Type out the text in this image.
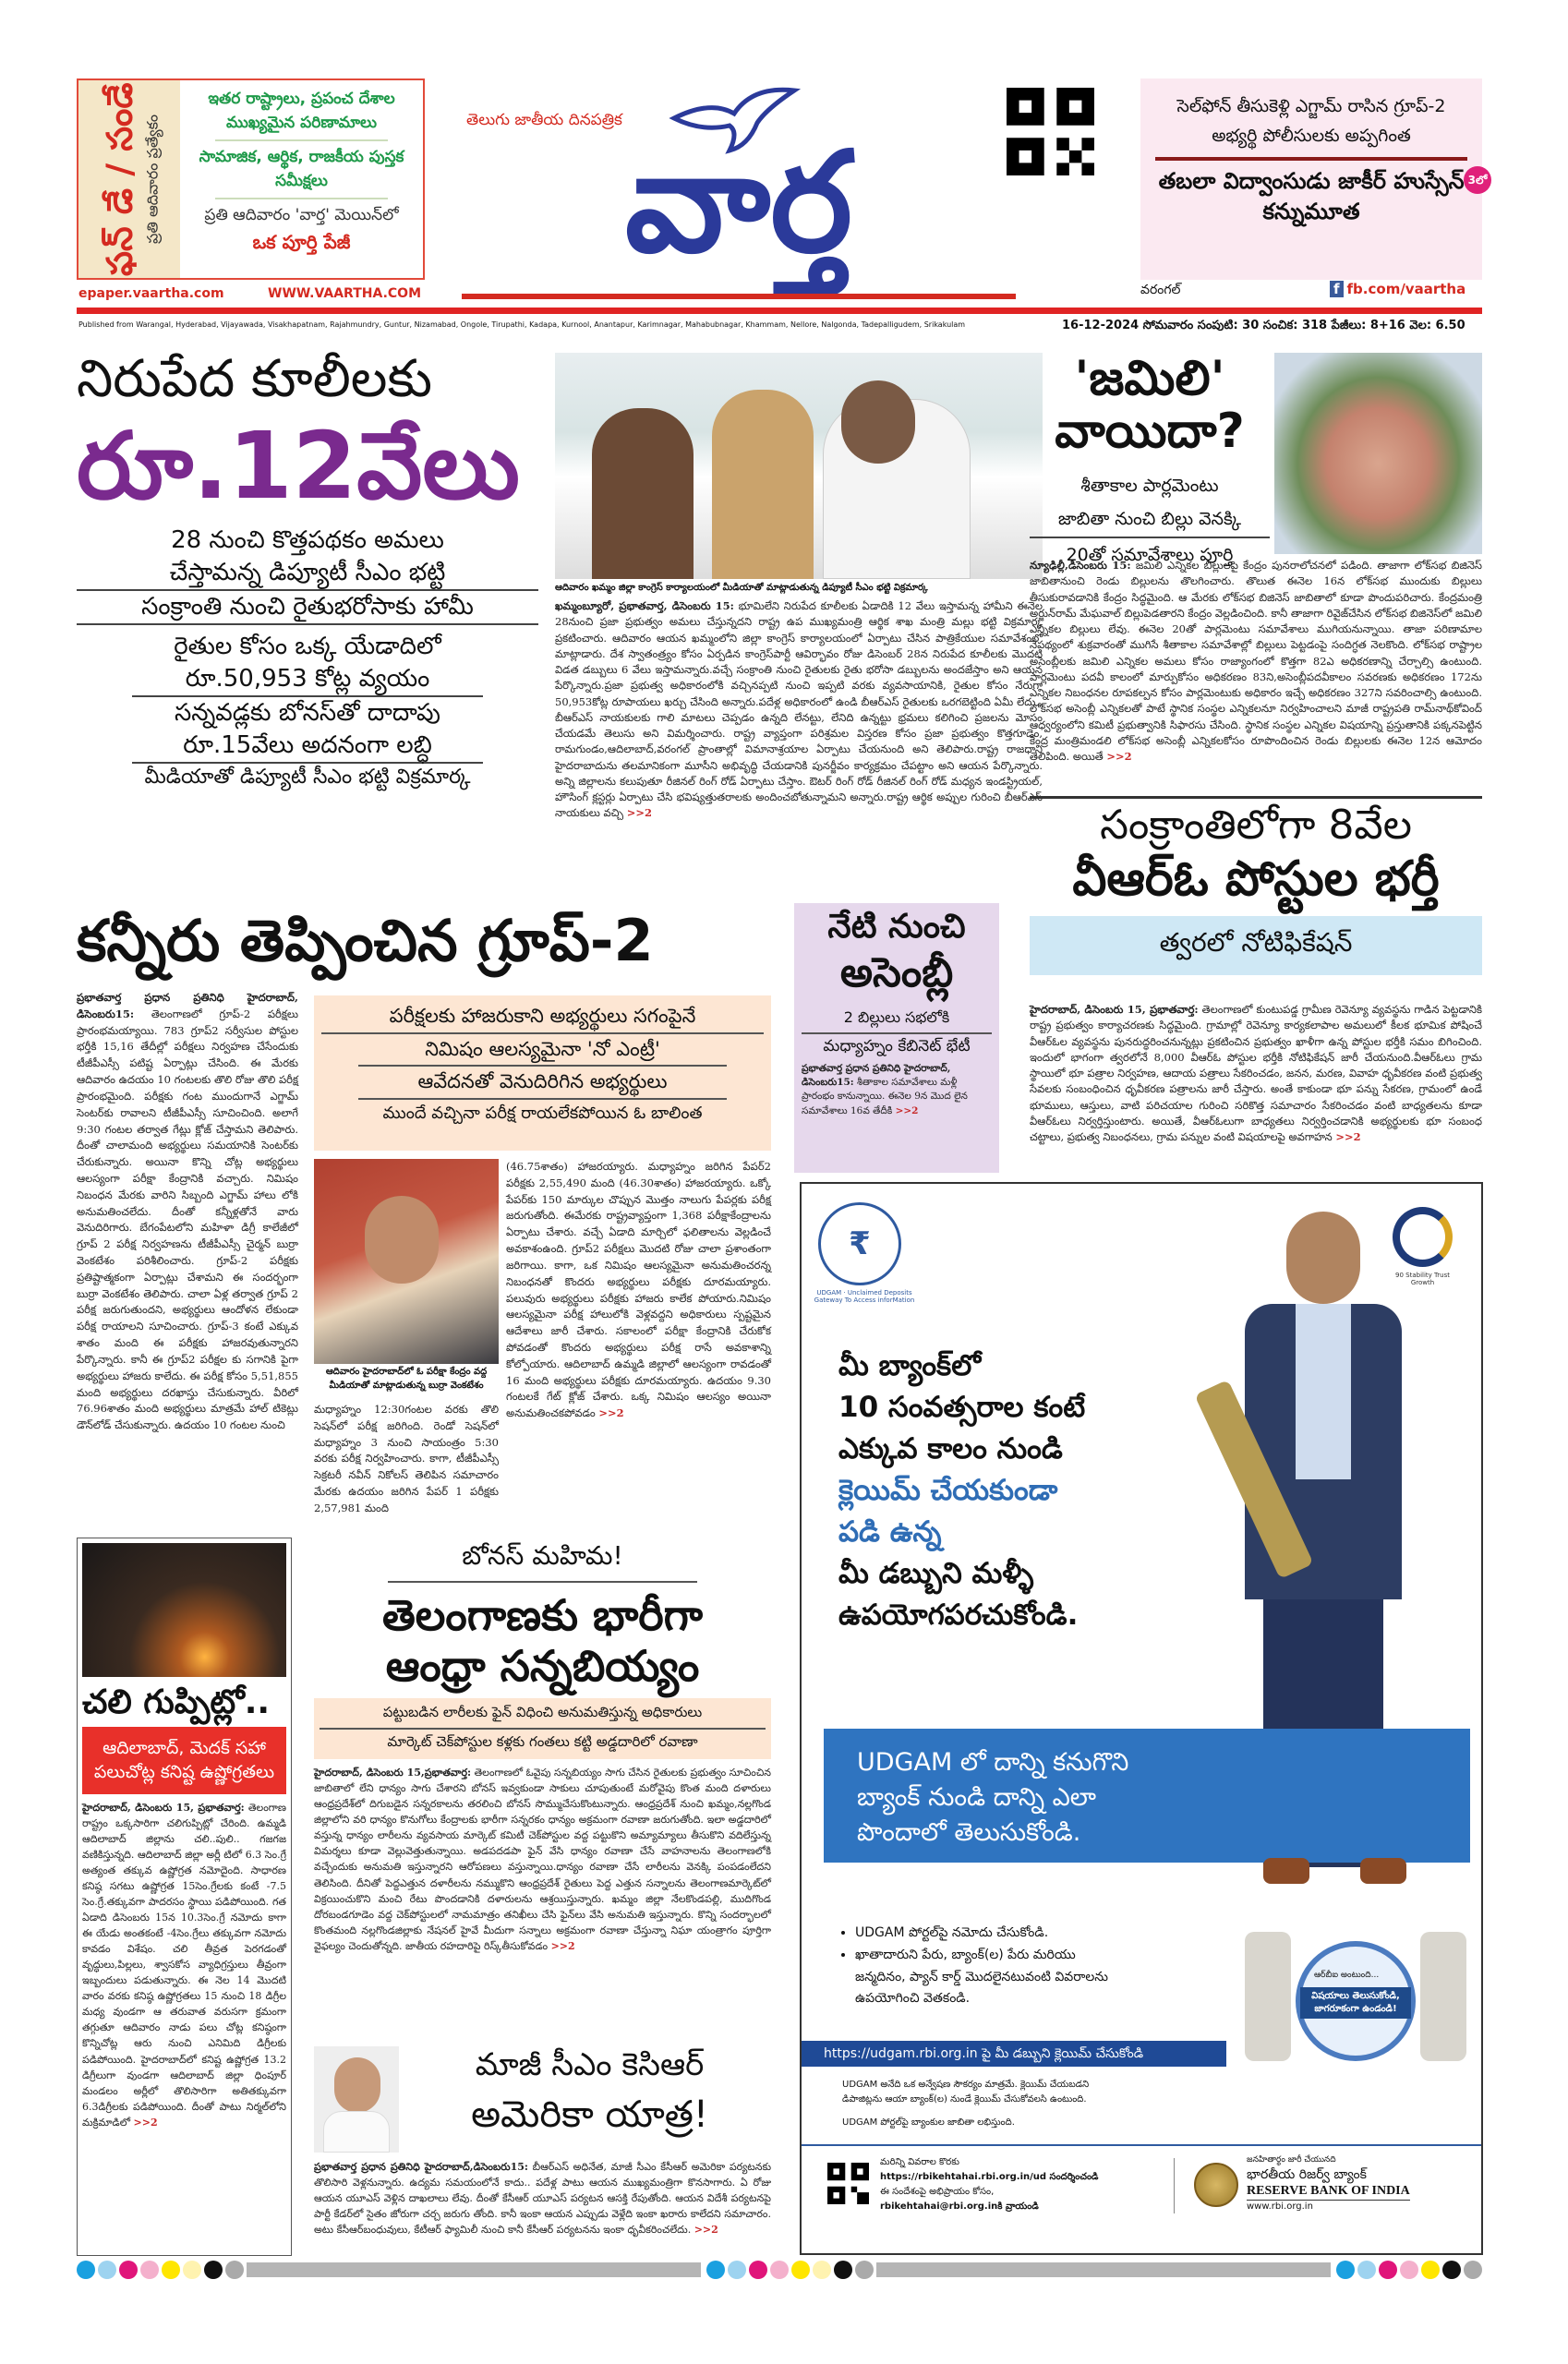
ఫన్ డే / సండే ప్రతి ఆదివారం ప్రత్యేకం
ఇతర రాష్ట్రాలు, ప్రపంచ దేశాల ముఖ్యమైన పరిణామాలు
సామాజిక, ఆర్థిక, రాజకీయ పుస్తక సమీక్షలు
ప్రతి ఆదివారం 'వార్త' మెయిన్‌లో
ఒక పూర్తి పేజీ
epaper.vaartha.com	WWW.VAARTHA.COM
తెలుగు జాతీయ దినపత్రిక
వార్త
సెల్‌ఫోన్ తీసుకెళ్లి ఎగ్జామ్ రాసిన గ్రూప్-2 అభ్యర్థి పోలీసులకు అప్పగింత
తబలా విద్వాంసుడు జాకీర్ హుస్సేన్ కన్నుమూత
3లో
వరంగల్	f fb.com/vaartha
Published from Warangal, Hyderabad, Vijayawada, Visakhapatnam, Rajahmundry, Guntur, Nizamabad, Ongole, Tirupathi, Kadapa, Kurnool, Anantapur, Karimnagar, Mahabubnagar, Khammam, Nellore, Nalgonda, Tadepalligudem, Srikakulam	16-12-2024 సోమవారం సంపుటి: 30 సంచిక: 318 పేజీలు: 8+16 వెల: 6.50
నిరుపేద కూలీలకు
రూ.12వేలు
28 నుంచి కొత్తపథకం అమలు
చేస్తామన్న డిప్యూటీ సీఎం భట్టి
సంక్రాంతి నుంచి రైతుభరోసాకు హామీ
రైతుల కోసం ఒక్క యేడాదిలో
రూ.50,953 కోట్ల వ్యయం
సన్నవడ్లకు బోనస్‌తో దాదాపు
రూ.15వేలు అదనంగా లబ్ధి
మీడియాతో డిప్యూటీ సీఎం భట్టి విక్రమార్క
ఆదివారం ఖమ్మం జిల్లా కాంగ్రెస్ కార్యాలయంలో మీడియాతో మాట్లాడుతున్న డిప్యూటీ సీఎం భట్టి విక్రమార్క
ఖమ్మంబ్యూరో, ప్రభాతవార్త, డిసెంబరు 15: భూమిలేని నిరుపేద కూలీలకు ఏడాదికి 12 వేలు ఇస్తామన్న హామీని ఈనెల 28నుంచి ప్రజా ప్రభుత్వం అమలు చేస్తున్నదని రాష్ట్ర ఉప ముఖ్యమంత్రి ఆర్థిక శాఖ మంత్రి మల్లు భట్టి విక్రమార్క ప్రకటించారు. ఆదివారం ఆయన ఖమ్మంలోని జిల్లా కాంగ్రెస్ కార్యాలయంలో ఏర్పాటు చేసిన పాత్రికేయుల సమావేశంలో మాట్లాడారు. దేశ స్వాతంత్ర్యం కోసం ఏర్పడిన కాంగ్రెస్‌పార్టీ ఆవిర్భావం రోజు డిసెంబర్ 28న నిరుపేద కూలీలకు మొదటి విడత డబ్బులు 6 వేలు ఇస్తామన్నారు.వచ్చే సంక్రాంతి నుంచి రైతులకు రైతు భరోసా డబ్బులను అందజేస్తాం అని ఆయన పేర్కొన్నారు.ప్రజా ప్రభుత్వ అధికారంలోకి వచ్చినప్పటి నుంచి ఇప్పటి వరకు వ్యవసాయానికి, రైతుల కోసం నేరుగా 50,953కోట్ల రూపాయలు ఖర్చు చేసింది అన్నారు.పదేళ్ల అధికారంలో ఉండి బీఆర్ఎస్ రైతులకు ఒరగబెట్టింది ఏమీ లేదు , బీఆర్ఎస్ నాయకులకు గాలి మాటలు చెప్పడం ఉన్నది లేనట్టు, లేనిది ఉన్నట్టు భ్రమలు కలిగించి ప్రజలను మోసం చేయడమే తెలుసు అని విమర్శించారు. రాష్ట్ర వ్యాప్తంగా పరిశ్రమల విస్తరణ కోసం ప్రజా ప్రభుత్వం కొత్తగూడెం, రామగుండం,ఆదిలాబాద్,వరంగల్ ప్రాంతాల్లో విమానాశ్రయాల ఏర్పాటు చేయనుంది అని తెలిపారు.రాష్ట్ర రాజధాని హైదరాబాదును తలమానికంగా మూసీని అభివృద్ధి చేయడానికి పునర్జీవం కార్యక్రమం చేపట్టాం అని ఆయన పేర్కొన్నారు. అన్ని జిల్లాలను కలుపుతూ రీజినల్ రింగ్ రోడ్ ఏర్పాటు చేస్తాం. ఔటర్ రింగ్ రోడ్ రీజినల్ రింగ్ రోడ్ మధ్యన ఇండస్ట్రియల్, హౌసింగ్ క్లస్టర్లు ఏర్పాటు చేసి భవిష్యత్తుతరాలకు అందించబోతున్నామని అన్నారు.రాష్ట్ర ఆర్థిక అప్పుల గురించి బీఆర్ఎస్ నాయకులు వచ్చి >>2
'జమిలి'
వాయిదా?
శీతాకాల పార్లమెంటు
జాబితా నుంచి బిల్లు వెనక్కి
20తో సమావేశాలు పూర్తి
న్యూఢిల్లీ,డిసెంబరు 15: జమిలి ఎన్నికల బిల్లులపై కేంద్రం పునరాలోచనలో పడింది. తాజాగా లోక్‌సభ బిజినెస్ జాబితానుంచి రెండు బిల్లులను తొలగించారు. తొలుత ఈనెల 16న లోక్‌సభ ముందుకు బిల్లులు తీసుకురావడానికి కేంద్రం సిద్ధమైంది. ఆ మేరకు లోక్‌సభ బిజినెస్ జాబితాలో కూడా పొందుపరిచారు. కేంద్రమంత్రి అర్జున్‌రామ్ మేఘవాల్ బిల్లుపెడతారని కేంద్రం వెల్లడించింది. కానీ తాజాగా రివైజ్‌చేసిన లోక్‌సభ బిజినెస్‌లో జమిలి ఎన్నికల బిల్లులు లేవు. ఈనెల 20తో పార్లమెంటు సమావేశాలు ముగియనున్నాయి. తాజా పరిణామాల నేపథ్యంలో శుక్రవారంతో ముగిసే శీతాకాల సమావేశాల్లో బిల్లులు పెట్టడంపై సందిగ్ధత నెలకొంది. లోక్‌సభ రాష్ట్రాల అసెంబ్లీలకు జమిలి ఎన్నికల అమలు కోసం రాజ్యాంగంలో కొత్తగా 82ఎ అధికరణాన్ని చేర్చాల్సి ఉంటుంది. పార్లమెంటు పదవీ కాలంలో మార్పుకోసం అధికరణం 83ని,అసెంబ్లీపదవీకాలం సవరణకు అధికరణం 172ను ఎన్నికల నిబంధనల రూపకల్పన కోసం పార్లమెంటుకు అధికారం ఇచ్చే అధికరణం 327ని సవరించాల్సి ఉంటుంది. లోక్‌సభ అసెంబ్లీ ఎన్నికలతో పాటే స్థానిక సంస్థల ఎన్నికలనూ నిర్వహించాలని మాజీ రాష్ట్రపతి రామ్‌నాథ్‌కోవింద్ ఆధ్వర్యంలోని కమిటీ ప్రభుత్వానికి సిఫారసు చేసింది. స్థానిక సంస్థల ఎన్నికల విషయాన్ని ప్రస్తుతానికి పక్కనపెట్టిన కేంద్ర మంత్రిమండలి లోక్‌సభ అసెంబ్లీ ఎన్నికలకోసం రూపొందించిన రెండు బిల్లులకు ఈనెల 12న ఆమోదం తెలిపింది. అయితే >>2
సంక్రాంతిలోగా 8వేల
వీఆర్‌ఓ పోస్టుల భర్తీ
త్వరలో నోటిఫికేషన్
హైదరాబాద్, డిసెంబరు 15, ప్రభాతవార్త: తెలంగాణలో కుంటుపడ్డ గ్రామీణ రెవెన్యూ వ్యవస్థను గాడిన పెట్టడానికి రాష్ట్ర ప్రభుత్వం కార్యాచరణకు సిద్ధమైంది. గ్రామాల్లో రెవెన్యూ కార్యకలాపాల అమలులో కీలక భూమిక పోషించే వీఆర్‌ఓల వ్యవస్థను పునరుద్ధరించనున్నట్లు ప్రకటించిన ప్రభుత్వం ఖాళీగా ఉన్న పోస్టుల భర్తీకి సమం బిగించింది. ఇందులో భాగంగా త్వరలోనే 8,000 వీఆర్‌ఓ పోస్టుల భర్తీకి నోటిఫికేషన్ జారీ చేయనుంది.వీఆర్‌ఓలు గ్రామ స్థాయిలో భూ పత్రాల నిర్వహణ, ఆదాయ పత్రాలు సేకరించడం, జనన, మరణ, వివాహ ధృవీకరణ వంటి ప్రభుత్వ సేవలకు సంబంధించిన ధృవీకరణ పత్రాలను జారీ చేస్తారు. అంతే కాకుండా భూ పన్ను సేకరణ, గ్రామంలో ఉండే భూములు, ఆస్తులు, వాటి పరిచయాల గురించి సరికొత్త సమాచారం సేకరించడం వంటి బాధ్యతలను కూడా వీఆర్‌ఓలు నిర్వర్తిస్తుంటారు. అయితే, వీఆర్‌ఓలుగా బాధ్యతలు నిర్వర్తించడానికి అభ్యర్థులకు భూ సంబంధ చట్టాలు, ప్రభుత్వ నిబంధనలు, గ్రామ పన్నుల వంటి విషయాలపై అవగాహన >>2
కన్నీరు తెప్పించిన గ్రూప్-2
ప్రభాతవార్త ప్రధాన ప్రతినిధి హైదరాబాద్, డిసెంబరు15: తెలంగాణలో గ్రూప్-2 పరీక్షలు ప్రారంభమయ్యాయి. 783 గ్రూప్2 సర్వీసుల పోస్టుల భర్తీకి 15,16 తేదీల్లో పరీక్షలు నిర్వహణ చేసేందుకు టీజీపీఎస్సీ పటిష్ట ఏర్పాట్లు చేసింది. ఈ మేరకు ఆదివారం ఉదయం 10 గంటలకు తొలి రోజు తొలి పరీక్ష ప్రారంభమైంది. పరీక్షకు గంట ముందుగానే ఎగ్జామ్ సెంటర్‌కు రావాలని టీజీపీఎస్సీ సూచించింది. అలాగే 9:30 గంటల తర్వాత గేట్లు క్లోజ్ చేస్తామని తెలిపారు. దీంతో చాలామంది అభ్యర్థులు సమయానికి సెంటర్‌కు చేరుకున్నారు. అయినా కొన్ని చోట్ల అభ్యర్థులు ఆలస్యంగా పరీక్షా కేంద్రానికి వచ్చారు. నిమిషం నిబంధన మేరకు వారిని సిబ్బంది ఎగ్జామ్ హాలు లోకి అనుమతించలేదు. దీంతో కన్నీళ్లతోనే వారు వెనుదిరిగారు. బేగంపేటలోని మహిళా డిగ్రీ కాలేజీలో గ్రూప్ 2 పరీక్ష నిర్వహణను టీజీపీఎస్సీ చైర్మన్ బుర్రా వెంకటేశం పరిశీలించారు. గ్రూప్-2 పరీక్షకు ప్రతిష్టాత్మకంగా ఏర్పాట్లు చేశామని ఈ సందర్భంగా బుర్రా వెంకటేశం తెలిపారు. చాలా ఏళ్ల తర్వాత గ్రూప్ 2 పరీక్ష జరుగుతుందని, అభ్యర్థులు ఆందోళన లేకుండా పరీక్ష రాయాలని సూచించారు. గ్రూప్-3 కంటే ఎక్కువ శాతం మంది ఈ పరీక్షకు హాజరవుతున్నారని పేర్కొన్నారు. కానీ ఈ గ్రూప్2 పరీక్షల కు సగానికి పైగా అభ్యర్థులు హాజరు కాలేదు. ఈ పరీక్ష కోసం 5,51,855 మంది అభ్యర్థులు దరఖాస్తు చేసుకున్నారు. వీరిలో 76.96శాతం మంది అభ్యర్థులు మాత్రమే హాల్ టికెట్లు డౌన్‌లోడ్ చేసుకున్నారు. ఉదయం 10 గంటల నుంచి
పరీక్షలకు హాజరుకాని అభ్యర్థులు సగంపైనే
నిమిషం ఆలస్యమైనా 'నో ఎంట్రీ'
ఆవేదనతో వెనుదిరిగిన అభ్యర్థులు
ముందే వచ్చినా పరీక్ష రాయలేకపోయిన ఓ బాలింత
ఆదివారం హైదరాబాద్‌లో ఓ పరీక్షా కేంద్రం వద్ద మీడియాతో మాట్లాడుతున్న బుర్రా వెంకటేశం
మధ్యాహ్నం 12:30గంటల వరకు తొలి సెషన్‌లో పరీక్ష జరిగింది. రెండో సెషన్‌లో మధ్యాహ్నం 3 నుంచి సాయంత్రం 5:30 వరకు పరీక్ష నిర్వహించారు. కాగా, టీజీపీఎస్సీ సెక్రటరీ నవీన్ నికోలస్ తెలిపిన సమాచారం మేరకు ఉదయం జరిగిన పేపర్ 1 పరీక్షకు 2,57,981 మంది
(46.75శాతం) హాజరయ్యారు. మధ్యాహ్నం జరిగిన పేపర్2 పరీక్షకు 2,55,490 మంది (46.30శాతం) హాజరయ్యారు. ఒక్కో పేపర్‌కు 150 మార్కుల చొప్పున మొత్తం నాలుగు పేపర్లకు పరీక్ష జరుగుతోంది. ఈమేరకు రాష్ట్రవ్యాప్తంగా 1,368 పరీక్షాకేంద్రాలను ఏర్పాటు చేశారు. వచ్చే ఏడాది మార్చిలో ఫలితాలను వెల్లడించే అవకాశంఉంది. గ్రూప్2 పరీక్షలు మొదటి రోజు చాలా ప్రశాంతంగా జరిగాయి. కాగా, ఒక నిమిషం ఆలస్యమైనా అనుమతించరన్న నిబంధనతో కొందరు అభ్యర్థులు పరీక్షకు దూరమయ్యారు. పలువురు అభ్యర్థులు పరీక్షకు హాజరు కాలేక పోయారు.నిమిషం ఆలస్యమైనా పరీక్ష హాలులోకి వెళ్లవద్దని అధికారులు స్పష్టమైన ఆదేశాలు జారీ చేశారు. సకాలంలో పరీక్షా కేంద్రానికి చేరుకోక పోవడంతో కొందరు అభ్యర్థులు పరీక్ష రాసే అవకాశాన్ని కోల్పోయారు. ఆదిలాబాద్ ఉమ్మడి జిల్లాలో ఆలస్యంగా రావడంతో 16 మంది అభ్యర్థులు పరీక్షకు దూరమయ్యారు. ఉదయం 9.30 గంటలకే గేట్ క్లోజ్ చేశారు. ఒక్క నిమిషం ఆలస్యం అయినా అనుమతించకపోవడం >>2
నేటి నుంచి
అసెంబ్లీ
2 బిల్లులు సభలోకి
మధ్యాహ్నం కేబినెట్ భేటీ
ప్రభాతవార్త ప్రధాన ప్రతినిధి హైదరాబాద్, డిసెంబరు15: శీతాకాల సమావేశాలు మళ్లీ ప్రారంభం కానున్నాయి. ఈనెల 9న మొద లైన సమావేశాలు 16వ తేదీకి >>2
₹
UDGAM · Unclaimed Deposits Gateway To Access inforMation
90 Stability Trust Growth
మీ బ్యాంక్‌లో
10 సంవత్సరాల కంటే
ఎక్కువ కాలం నుండి
క్లెయిమ్ చేయకుండా
పడి ఉన్న
మీ డబ్బుని మళ్ళీ
ఉపయోగపరచుకోండి.
UDGAM లో దాన్ని కనుగొని
బ్యాంక్ నుండి దాన్ని ఎలా
పొందాలో తెలుసుకోండి.
• UDGAM పోర్టల్‌పై నమోదు చేసుకోండి.
• ఖాతాదారుని పేరు, బ్యాంక్(ల) పేరు మరియు జన్మదినం, ప్యాన్ కార్డ్ మొదలైనటువంటి వివరాలను ఉపయోగించి వెతకండి.
ఆర్‌బీఐ అంటుంది...
విషయాలు తెలుసుకోండి, జాగరూకంగా ఉండండి!
https://udgam.rbi.org.in పై మీ డబ్బుని క్లెయిమ్ చేసుకోండి
UDGAM అనేది ఒక అన్వేషణ సౌకర్యం మాత్రమే. క్లెయిమ్ చేయబడని డిపాజిట్లను ఆయా బ్యాంక్(ల) నుండే క్లెయిమ్ చేసుకోవలసి ఉంటుంది.
UDGAM పోర్టల్‌పై బ్యాంకుల జాబితా లభిస్తుంది.
మరిన్ని వివరాల కొరకు
https://rbikehtahai.rbi.org.in/ud సందర్శించండి
ఈ సందేశంపై అభిప్రాయం కోసం,
rbikehtahai@rbi.org.inకి వ్రాయండి
జనహితార్థం జారీ చేయునది
భారతీయ రిజర్వ్ బ్యాంక్
RESERVE BANK OF INDIA
www.rbi.org.in
చలి గుప్పిట్లో..
ఆదిలాబాద్, మెదక్ సహా పలుచోట్ల కనిష్ట ఉష్ణోగ్రతలు
హైదరాబాద్, డిసెంబరు 15, ప్రభాతవార్త: తెలంగాణ రాష్ట్రం ఒక్కసారిగా చలిగుప్పిట్లో చేరింది. ఉమ్మడి ఆదిలాబాద్ జిల్లాను చలి..పులి.. గజగజ వణికిస్తున్నది. ఆదిలాబాద్ జిల్లా అర్లీ టిలో 6.3 సెం.గ్రే అత్యంత తక్కువ ఉష్ణోగ్రత నమోదైంది. సాధారణ కనిష్ఠ సగటు ఉష్ణోగ్రత 15సెం.గ్రేలకు కంటే -7.5 సెం.గ్రే.తక్కువగా పాదరసం స్థాయి పడిపోయింది. గత ఏడాది డిసెంబరు 15న 10.3సెం.గ్రే నమోదు కాగా ఈ యేడు అంతకంటే -4సెం.గ్రేలు తక్కువగా నమోదు కావడం విశేషం. చలి తీవ్రత పెరగడంతో వృద్ధులు,పిల్లలు, శ్వాసకోస వ్యాధిగ్రస్తులు తీవ్రంగా ఇబ్బందులు పడుతున్నారు. ఈ నెల 14 మొదటి వారం వరకు కనిష్ఠ ఉష్ణోగ్రతలు 15 నుంచి 18 డిగ్రీల మధ్య వుండగా ఆ తరువాత వరుసగా క్రమంగా తగ్గుతూ ఆదివారం నాడు పలు చోట్ల కనిష్ఠంగా కొన్నిచోట్ల ఆరు నుంచి ఎనిమిది డిగ్రీలకు పడిపోయింది. హైదరాబాద్‌లో కనిష్ట ఉష్ణోగ్రత 13.2 డిగ్రీలుగా వుండగా ఆదిలాబాద్ జిల్లా ధింపూర్ మండలం అర్లీలో తొలిసారిగా అతితక్కువగా 6.3డిగ్రీలకు పడిపోయింది. దీంతో పాటు నిర్మల్‌లోని మక్రిమాడిలో >>2
బోనస్ మహిమ!
తెలంగాణకు భారీగా
ఆంధ్రా సన్నబియ్యం
పట్టుబడిన లారీలకు ఫైన్ విధించి అనుమతిస్తున్న అధికారులు
మార్కెట్ చెక్‌పోస్టుల కళ్లకు గంతలు కట్టి అడ్డదారిలో రవాణా
హైదరాబాద్, డిసెంబరు 15,ప్రభాతవార్త: తెలంగాణలో ఓవైపు సన్నబియ్యం సాగు చేసిన రైతులకు ప్రభుత్వం సూచించిన జాబితాలో లేని ధాన్యం సాగు చేశారని బోనస్ ఇవ్వకుండా సాకులు చూపుతుంటే మరోవైపు కొంత మంది దళారులు ఆంధ్రప్రదేశ్‌లో దిగుబడైన సన్నరకాలను తరలించి బోనస్ సొమ్ముచేసుకొంటున్నారు. ఆంధ్రప్రదేశ్ నుంచి ఖమ్మం,నల్లగొండ జిల్లాలోని వరి ధాన్యం కొనుగోలు కేంద్రాలకు భారీగా సన్నరకం ధాన్యం అక్రమంగా రవాణా జరుగుతోంది. ఇలా అడ్డదారిలో వస్తున్న ధాన్యం లారీలను వ్యవసాయ మార్కెట్ కమిటీ చెక్‌పోస్టుల వద్ద పట్టుకొని అమ్యామ్యాలు తీసుకొని వదిలేస్తున్న విమర్శలు కూడా వెల్లువెత్తుతున్నాయి. అడపదడపా ఫైన్ వేసి ధాన్యం రవాణా చేసే వాహనాలను తెలంగాణలోకి వచ్చేందుకు అనుమతి ఇస్తున్నారని ఆరోపణలు వస్తున్నాయి.ధాన్యం రవాణా చేసే లారీలను వెనక్కి పంపడంలేదని తెలిసింది. దీనితో పెద్దఎత్తున దళారీలను నమ్ముకొని ఆంధ్రప్రదేశ్ రైతులు పెద్ద ఎత్తున సన్నాలను తెలంగాణమార్కెట్‌లో విక్రయించుకొని మంచి రేటు పొందడానికి దళారులను ఆశ్రయిస్తున్నారు. ఖమ్మం జిల్లా నేలకొండపల్లి, ముదిగొండ దోరబండగూడెం వద్ద చెక్‌పోస్టులలో నామమాత్రం తనిఖీలు చేసి ఫైన్‌లు వేసి అనుమతి ఇస్తున్నారు. కొన్ని సందర్భాలలో కొంతమంది నల్లగొండజిల్లాకు నేషనల్ హైవే మీదుగా సన్నాలు అక్రమంగా రవాణా చేస్తున్నా నిఘా యంత్రాగం పూర్తిగా వైఫల్యం చెందుతోన్నది. జాతీయ రహదారిపై రిస్క్‌తీసుకోవడం >>2
మాజీ సీఎం కెసిఆర్
అమెరికా యాత్ర!
ప్రభాతవార్త ప్రధాన ప్రతినిధి హైదరాబాద్,డిసెంబరు15: బీఆర్ఎస్ అధినేత, మాజీ సీఎం కేసీఆర్ అమెరికా పర్యటనకు తొలిసారి వెళ్లనున్నారు. ఉద్యమ సమయంలోనే కాదు.. పదేళ్ల పాటు ఆయన ముఖ్యమంత్రిగా కొనసాగారు. ఏ రోజు ఆయన యూఎస్ వెళ్లిన దాఖలాలు లేవు. దీంతో కేసీఆర్ యూఎస్ పర్యటన ఆసక్తి రేపుతోంది. ఆయన విదేశీ పర్యటనపై పార్టీ కేడర్‌లో సైతం జోరుగా చర్చ జరుగు తోంది. కానీ ఇంకా ఆయన ఎప్పుడు వెళ్లేది ఇంకా ఖరారు కాలేదని సమాచారం. అటు కేసీఆర్‌బంధువులు, కేటీఆర్ ఫ్యామిలీ నుంచి కానీ కేసీఆర్ పర్యటనను ఇంకా ధృవీకరించలేదు. >>2
